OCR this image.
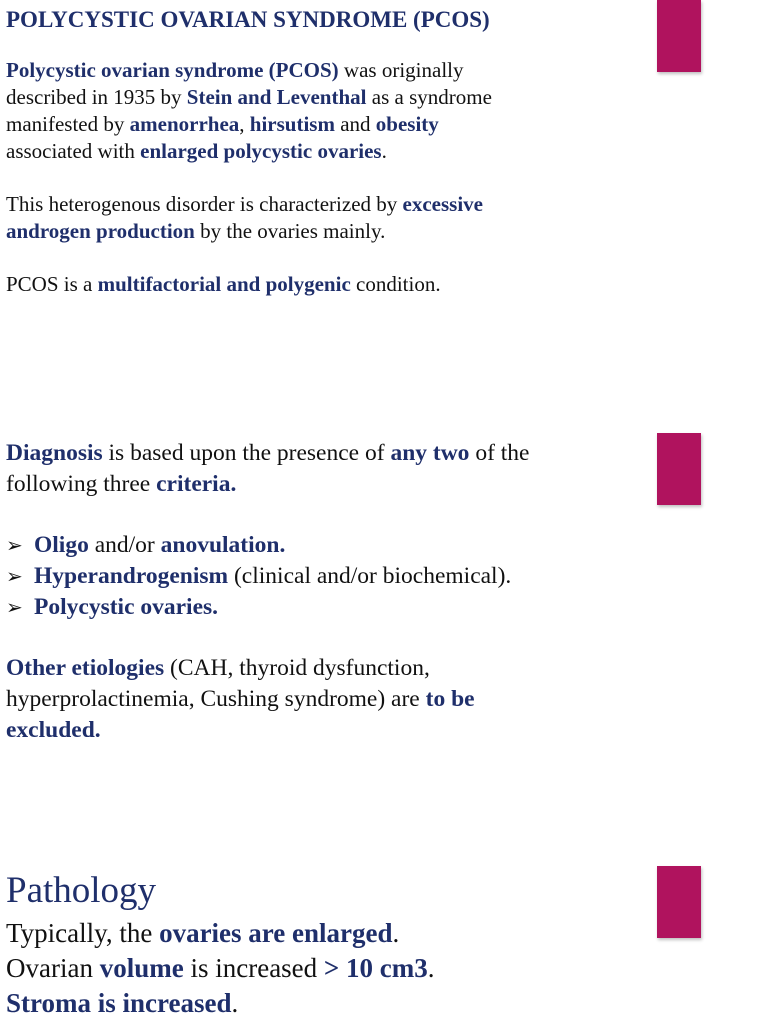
POLYCYSTIC OVARIAN SYNDROME (PCOS)

Polycystic ovarian syndrome (PCOS) was originally described in 1935 by Stein and Leventhal as a syndrome manifested by amenorrhea, hirsutism and obesity associated with enlarged polycystic ovaries.

This heterogenous disorder is characterized by excessive androgen production by the ovaries mainly.

PCOS is a multifactorial and polygenic condition.

Diagnosis is based upon the presence of any two of the following three criteria.

➢ Oligo and/or anovulation.
➢ Hyperandrogenism (clinical and/or biochemical).
➢ Polycystic ovaries.

Other etiologies (CAH, thyroid dysfunction, hyperprolactinemia, Cushing syndrome) are to be excluded.

Pathology

Typically, the ovaries are enlarged.

Ovarian volume is increased > 10 cm3.

Stroma is increased.
